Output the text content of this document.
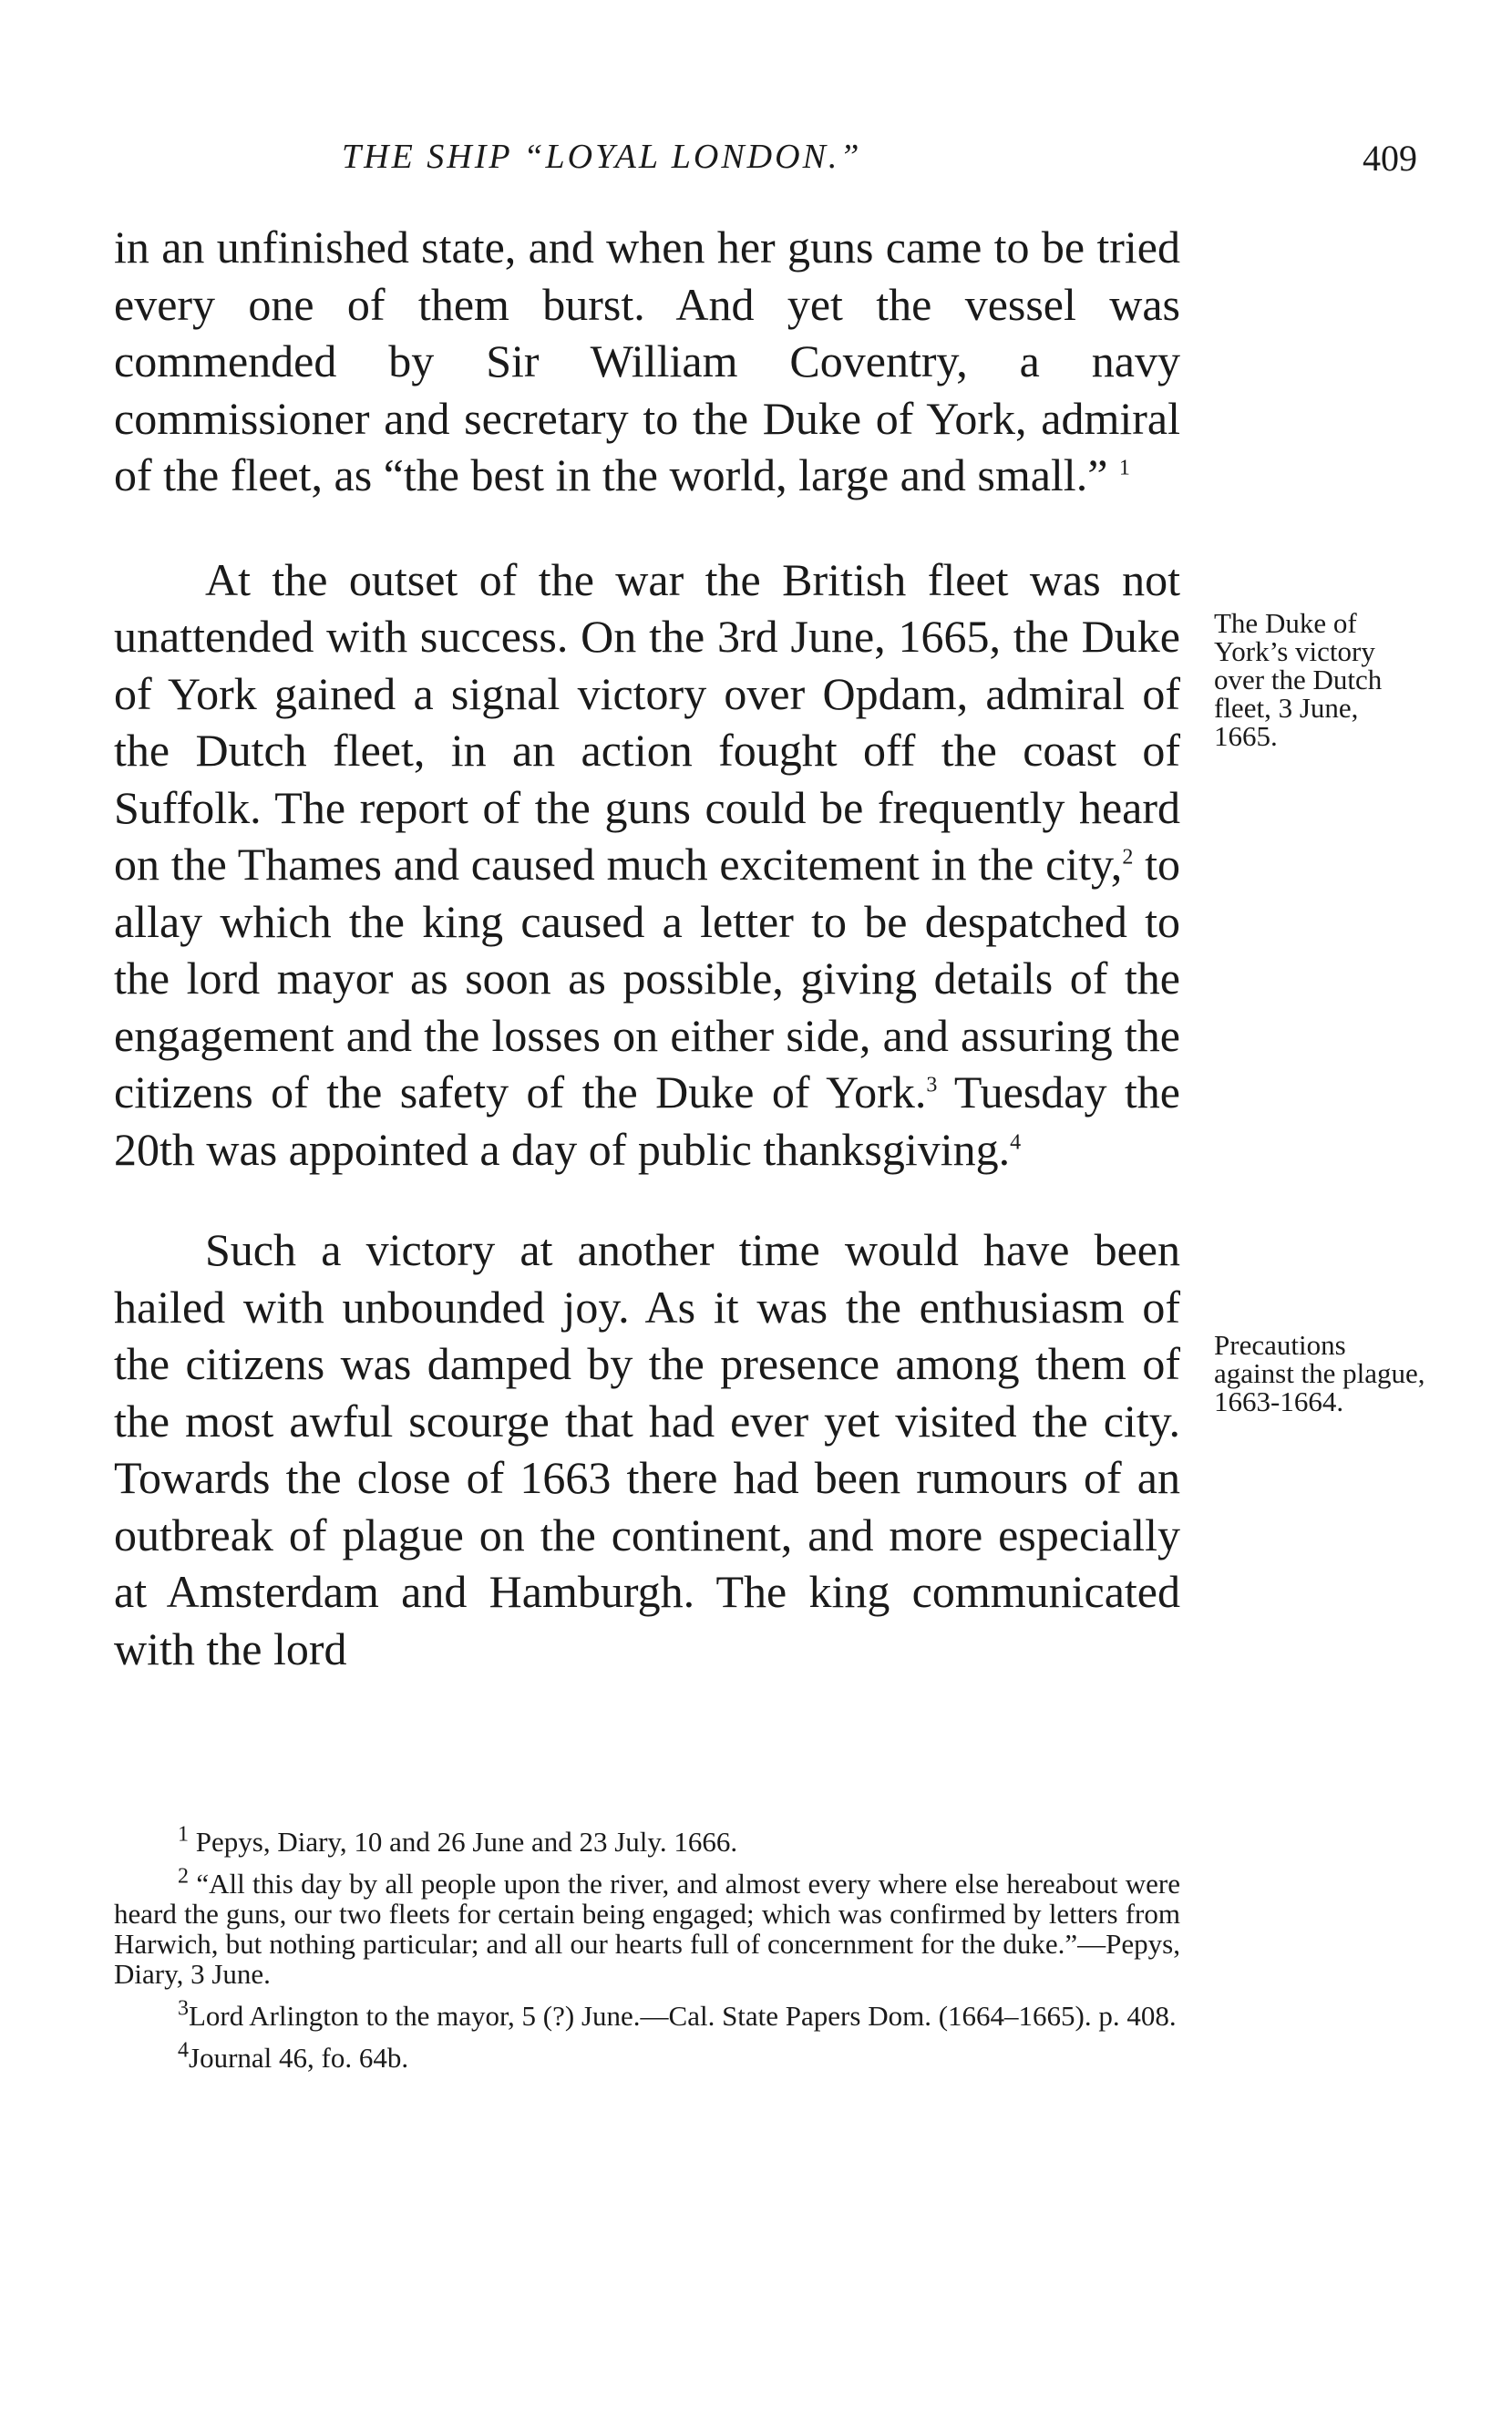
THE SHIP “LOYAL LONDON.”	409

in an unfinished state, and when her guns came to be tried every one of them burst. And yet the vessel was commended by Sir William Coventry, a navy commissioner and secretary to the Duke of York, admiral of the fleet, as “the best in the world, large and small.” $^1$

At the outset of the war the British fleet was not unattended with success. On the 3rd June, 1665, the Duke of York gained a signal victory over Opdam, admiral of the Dutch fleet, in an action fought off the coast of Suffolk. The report of the guns could be frequently heard on the Thames and caused much excitement in the city,$^2$ to allay which the king caused a letter to be despatched to the lord mayor as soon as possible, giving details of the engagement and the losses on either side, and assuring the citizens of the safety of the Duke of York.$^3$ Tuesday the 20th was appointed a day of public thanksgiving.$^4$

Such a victory at another time would have been hailed with unbounded joy. As it was the enthusiasm of the citizens was damped by the presence among them of the most awful scourge that had ever yet visited the city. Towards the close of 1663 there had been rumours of an outbreak of plague on the continent, and more especially at Amsterdam and Hamburgh. The king communicated with the lord

The Duke of York’s victory over the Dutch fleet, 3 June, 1665.
Precautions against the plague, 1663-1664.

$^1$ Pepys, Diary, 10 and 26 June and 23 July. 1666.

$^2$ “All this day by all people upon the river, and almost every where else hereabout were heard the guns, our two fleets for certain being engaged; which was confirmed by letters from Harwich, but nothing particular; and all our hearts full of concernment for the duke.”—Pepys, Diary, 3 June.

$^3$Lord Arlington to the mayor, 5 (?) June.—Cal. State Papers Dom. (1664–1665). p. 408.

$^4$Journal 46, fo. 64b.
